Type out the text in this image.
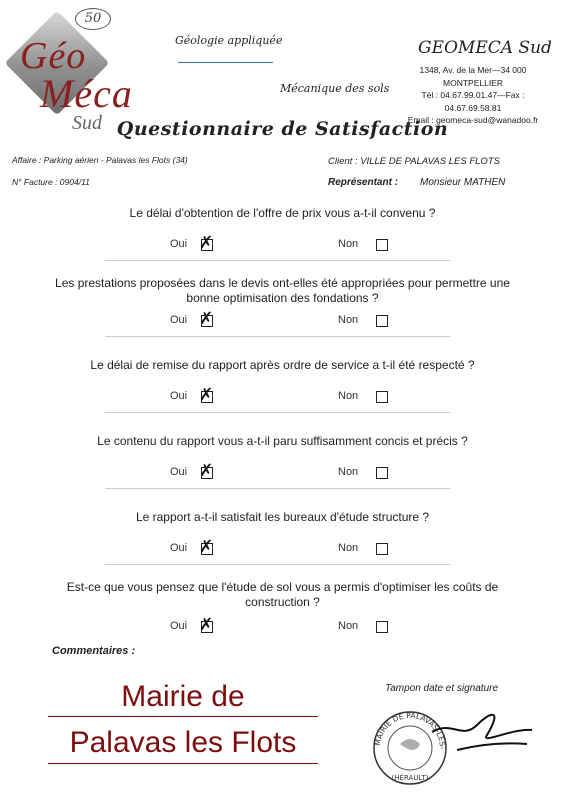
50
Géo
Méca
Sud
Géologie appliquée
Mécanique des sols
GEOMECA Sud
1348, Av. de la Mer—34 000 MONTPELLIER
Tél : 04.67.99.01.47—Fax : 04.67.69.58.81
Email : geomeca-sud@wanadoo.fr
Questionnaire de Satisfaction
Affaire : Parking aérien - Palavas les Flots (34)
N° Facture : 0904/11
Client : VILLE DE PALAVAS LES FLOTS
Représentant : Monsieur MATHEN
Le délai d'obtention de l'offre de prix vous a-t-il convenu ?
Oui ✗	Non
Les prestations proposées dans le devis ont-elles été appropriées pour permettre une bonne optimisation des fondations ?
Oui ✗	Non
Le délai de remise du rapport après ordre de service a t-il été respecté ?
Oui ✗	Non
Le contenu du rapport vous a-t-il paru suffisamment concis et précis ?
Oui ✗	Non
Le rapport a-t-il satisfait les bureaux d'étude structure ?
Oui ✗	Non
Est-ce que vous pensez que l'étude de sol vous a permis d'optimiser les coûts de construction ?
Oui ✗	Non
Commentaires :
Mairie de
Palavas les Flots
Tampon date et signature
MAIRIE DE PALAVAS-LES-
(HÉRAULT)
